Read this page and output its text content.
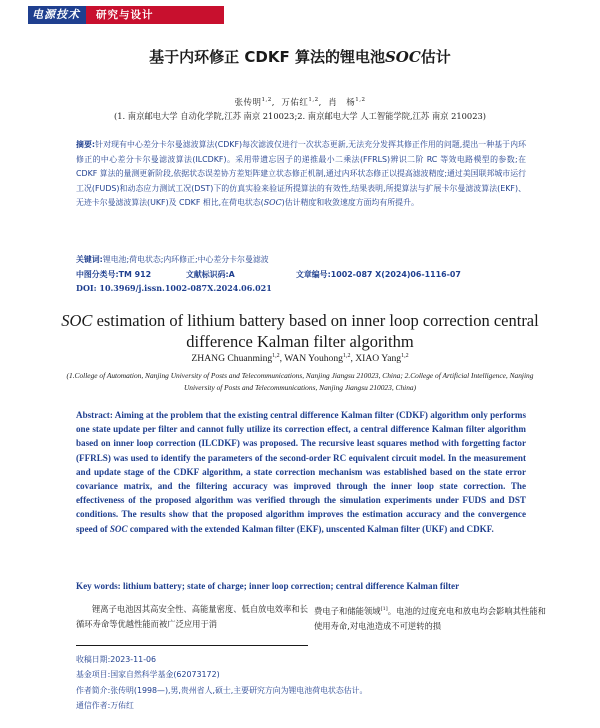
电源技术	研究与设计
基于内环修正 CDKF 算法的锂电池SOC估计
张传明$^{1,2}$,  万佑红$^{1,2}$,  肖　杨$^{1,2}$
(1. 南京邮电大学 自动化学院,江苏 南京 210023;2. 南京邮电大学 人工智能学院,江苏 南京 210023)
摘要:针对现有中心差分卡尔曼滤波算法(CDKF)每次滤波仅进行一次状态更新,无法充分发挥其修正作用的问题,提出一种基于内环修正的中心差分卡尔曼滤波算法(ILCDKF)。采用带遗忘因子的递推最小二乘法(FFRLS)辨识二阶 RC 等效电路模型的参数;在 CDKF 算法的量测更新阶段,依据状态误差协方差矩阵建立状态修正机制,通过内环状态修正以提高滤波精度;通过美国联邦城市运行工况(FUDS)和动态应力测试工况(DST)下的仿真实验来验证所提算法的有效性,结果表明,所提算法与扩展卡尔曼滤波算法(EKF)、无迹卡尔曼滤波算法(UKF)及 CDKF 相比,在荷电状态(SOC)估计精度和收敛速度方面均有所提升。
关键词:锂电池;荷电状态;内环修正;中心差分卡尔曼滤波
中图分类号:TM 912	文献标识码:A	文章编号:1002-087 X(2024)06-1116-07
DOI: 10.3969/j.issn.1002-087X.2024.06.021
SOC estimation of lithium battery based on inner loop correction central difference Kalman filter algorithm
ZHANG Chuanming$^{1,2}$, WAN Youhong$^{1,2}$, XIAO Yang$^{1,2}$
(1.College of Automation, Nanjing University of Posts and Telecommunications, Nanjing Jiangsu 210023, China; 2.College of Artificial Intelligence, Nanjing University of Posts and Telecommunications, Nanjing Jiangsu 210023, China)
Abstract: Aiming at the problem that the existing central difference Kalman filter (CDKF) algorithm only performs one state update per filter and cannot fully utilize its correction effect, a central difference Kalman filter algorithm based on inner loop correction (ILCDKF) was proposed. The recursive least squares method with forgetting factor (FFRLS) was used to identify the parameters of the second-order RC equivalent circuit model. In the measurement and update stage of the CDKF algorithm, a state correction mechanism was established based on the state error covariance matrix, and the filtering accuracy was improved through the inner loop state correction. The effectiveness of the proposed algorithm was verified through the simulation experiments under FUDS and DST conditions. The results show that the proposed algorithm improves the estimation accuracy and the convergence speed of SOC compared with the extended Kalman filter (EKF), unscented Kalman filter (UKF) and CDKF.
Key words: lithium battery; state of charge; inner loop correction; central difference Kalman filter
锂离子电池因其高安全性、高能量密度、低自放电效率和长循环寿命等优越性能而被广泛应用于消
费电子和储能领域[1]。电池的过度充电和放电均会影响其性能和使用寿命,对电池造成不可逆转的损
收稿日期:2023-11-06
基金项目:国家自然科学基金(62073172)
作者简介:张传明(1998—),男,贵州省人,硕士,主要研究方向为锂电池荷电状态估计。
通信作者:万佑红
